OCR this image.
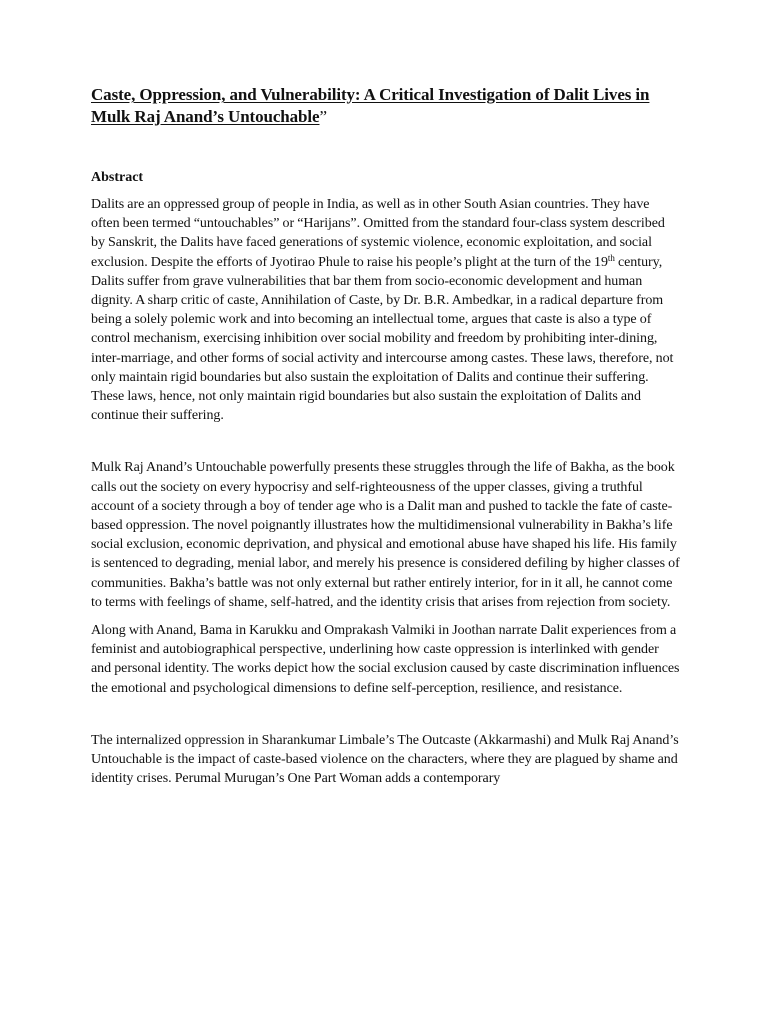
Caste, Oppression, and Vulnerability: A Critical Investigation of Dalit Lives in Mulk Raj Anand’s Untouchable”
Abstract

Dalits are an oppressed group of people in India, as well as in other South Asian countries. They have often been termed “untouchables” or “Harijans”. Omitted from the standard four-class system described by Sanskrit, the Dalits have faced generations of systemic violence, economic exploitation, and social exclusion. Despite the efforts of Jyotirao Phule to raise his people’s plight at the turn of the 19th century, Dalits suffer from grave vulnerabilities that bar them from socio-economic development and human dignity. A sharp critic of caste, Annihilation of Caste, by Dr. B.R. Ambedkar, in a radical departure from being a solely polemic work and into becoming an intellectual tome, argues that caste is also a type of control mechanism, exercising inhibition over social mobility and freedom by prohibiting inter-dining, inter-marriage, and other forms of social activity and intercourse among castes. These laws, therefore, not only maintain rigid boundaries but also sustain the exploitation of Dalits and continue their suffering. These laws, hence, not only maintain rigid boundaries but also sustain the exploitation of Dalits and continue their suffering.

Mulk Raj Anand’s Untouchable powerfully presents these struggles through the life of Bakha, as the book calls out the society on every hypocrisy and self-righteousness of the upper classes, giving a truthful account of a society through a boy of tender age who is a Dalit man and pushed to tackle the fate of caste-based oppression. The novel poignantly illustrates how the multidimensional vulnerability in Bakha’s life social exclusion, economic deprivation, and physical and emotional abuse have shaped his life. His family is sentenced to degrading, menial labor, and merely his presence is considered defiling by higher classes of communities. Bakha’s battle was not only external but rather entirely interior, for in it all, he cannot come to terms with feelings of shame, self-hatred, and the identity crisis that arises from rejection from society.

Along with Anand, Bama in Karukku and Omprakash Valmiki in Joothan narrate Dalit experiences from a feminist and autobiographical perspective, underlining how caste oppression is interlinked with gender and personal identity. The works depict how the social exclusion caused by caste discrimination influences the emotional and psychological dimensions to define self-perception, resilience, and resistance.

The internalized oppression in Sharankumar Limbale’s The Outcaste (Akkarmashi) and Mulk Raj Anand’s Untouchable is the impact of caste-based violence on the characters, where they are plagued by shame and identity crises. Perumal Murugan’s One Part Woman adds a contemporary
